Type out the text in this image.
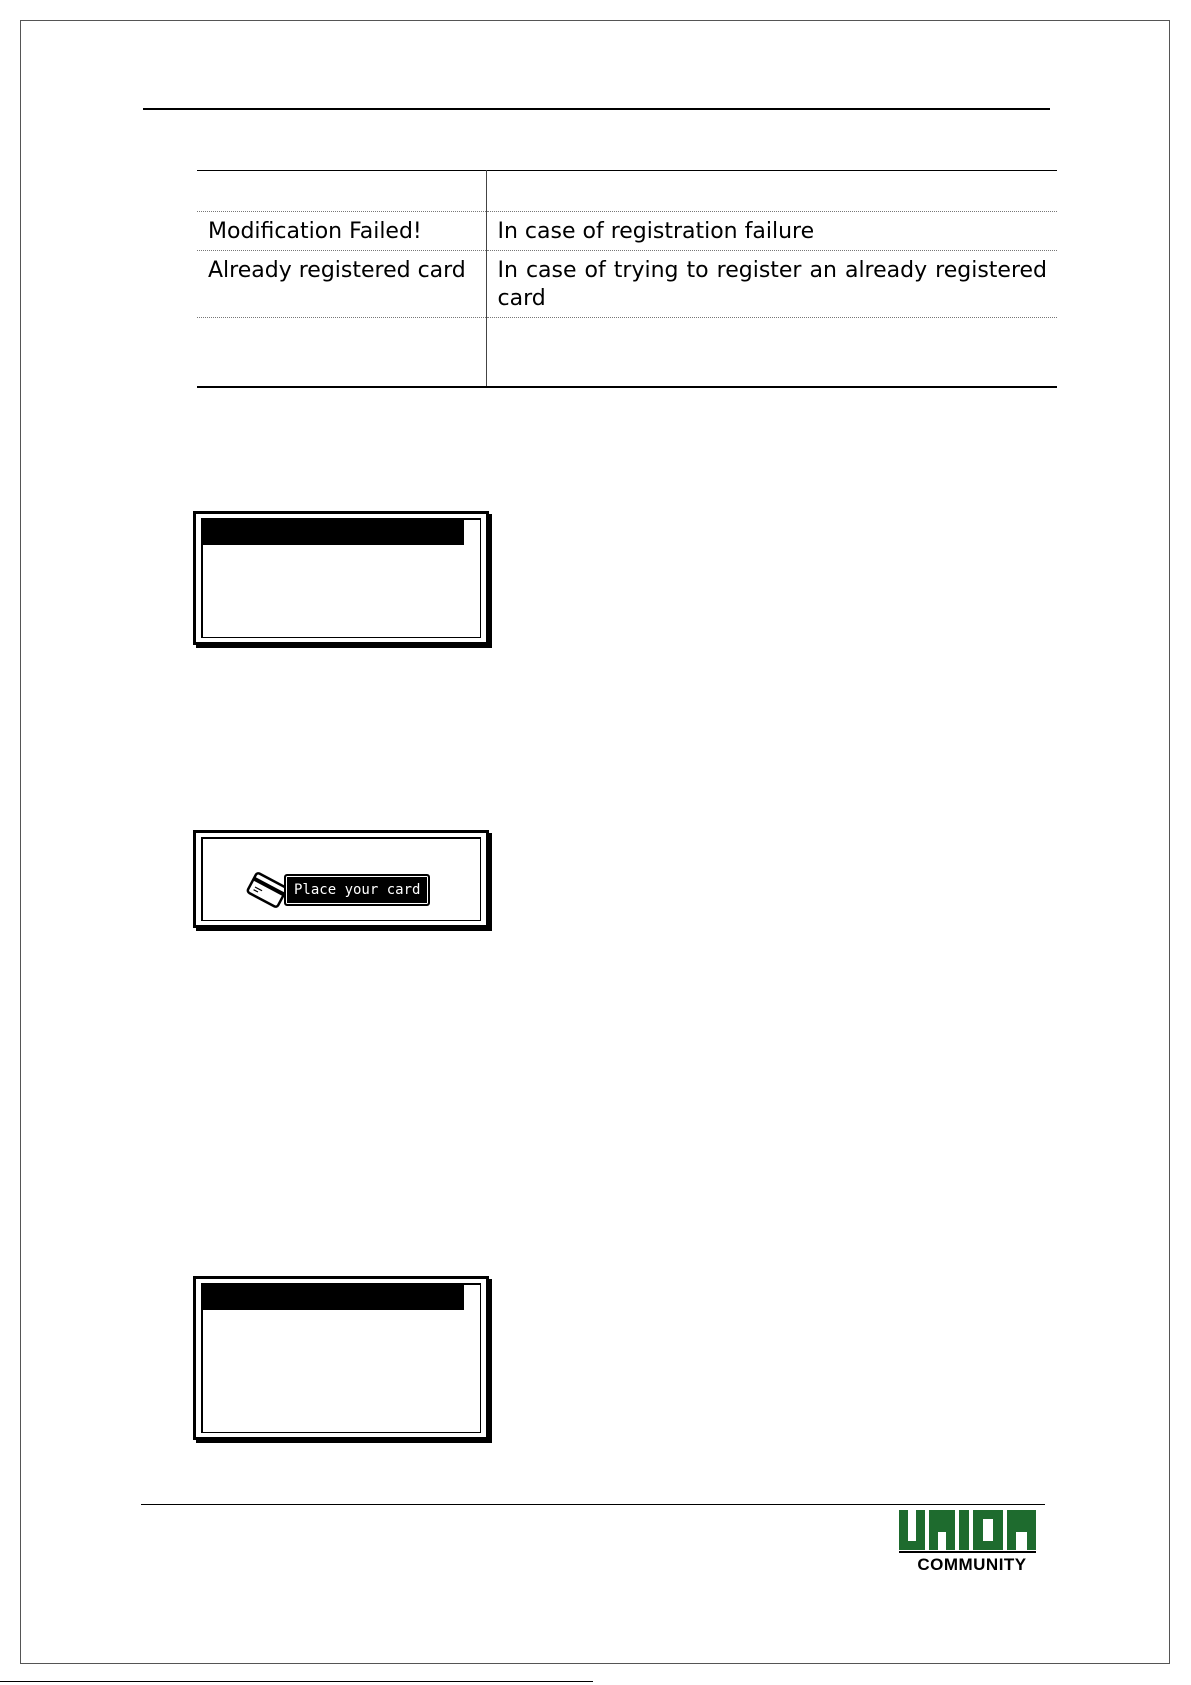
Modification Failed!	In case of registration failure
Already registered card	In case of trying to register an already registered card

Place your card
COMMUNITY
